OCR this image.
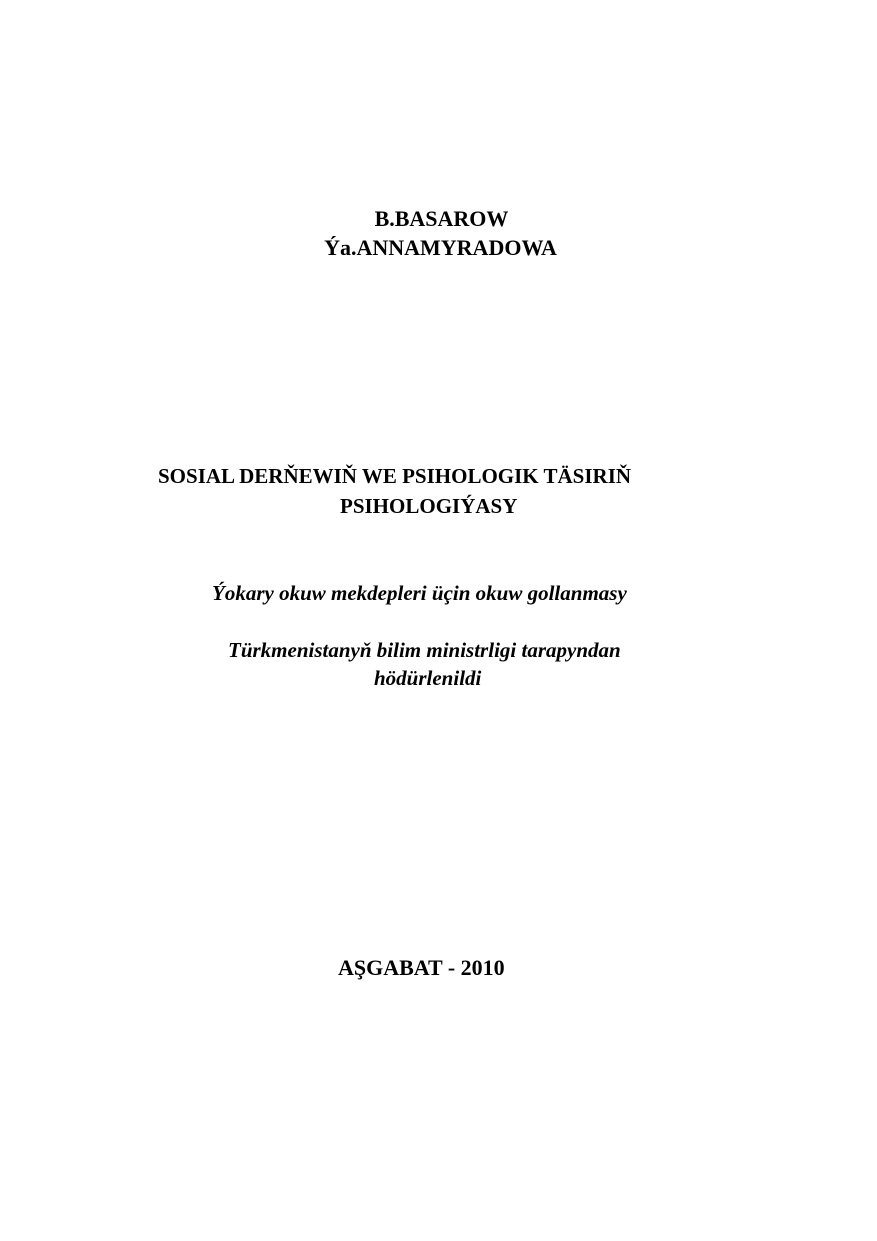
B.BASAROW
Ýa.ANNAMYRADOWA
SOSIAL DERŇEWIŇ WE PSIHOLOGIK TÄSIRIŇ
PSIHOLOGIÝASY
Ýokary okuw mekdepleri üçin okuw gollanmasy
Türkmenistanyň bilim ministrligi tarapyndan
hödürlenildi
AŞGABAT - 2010
